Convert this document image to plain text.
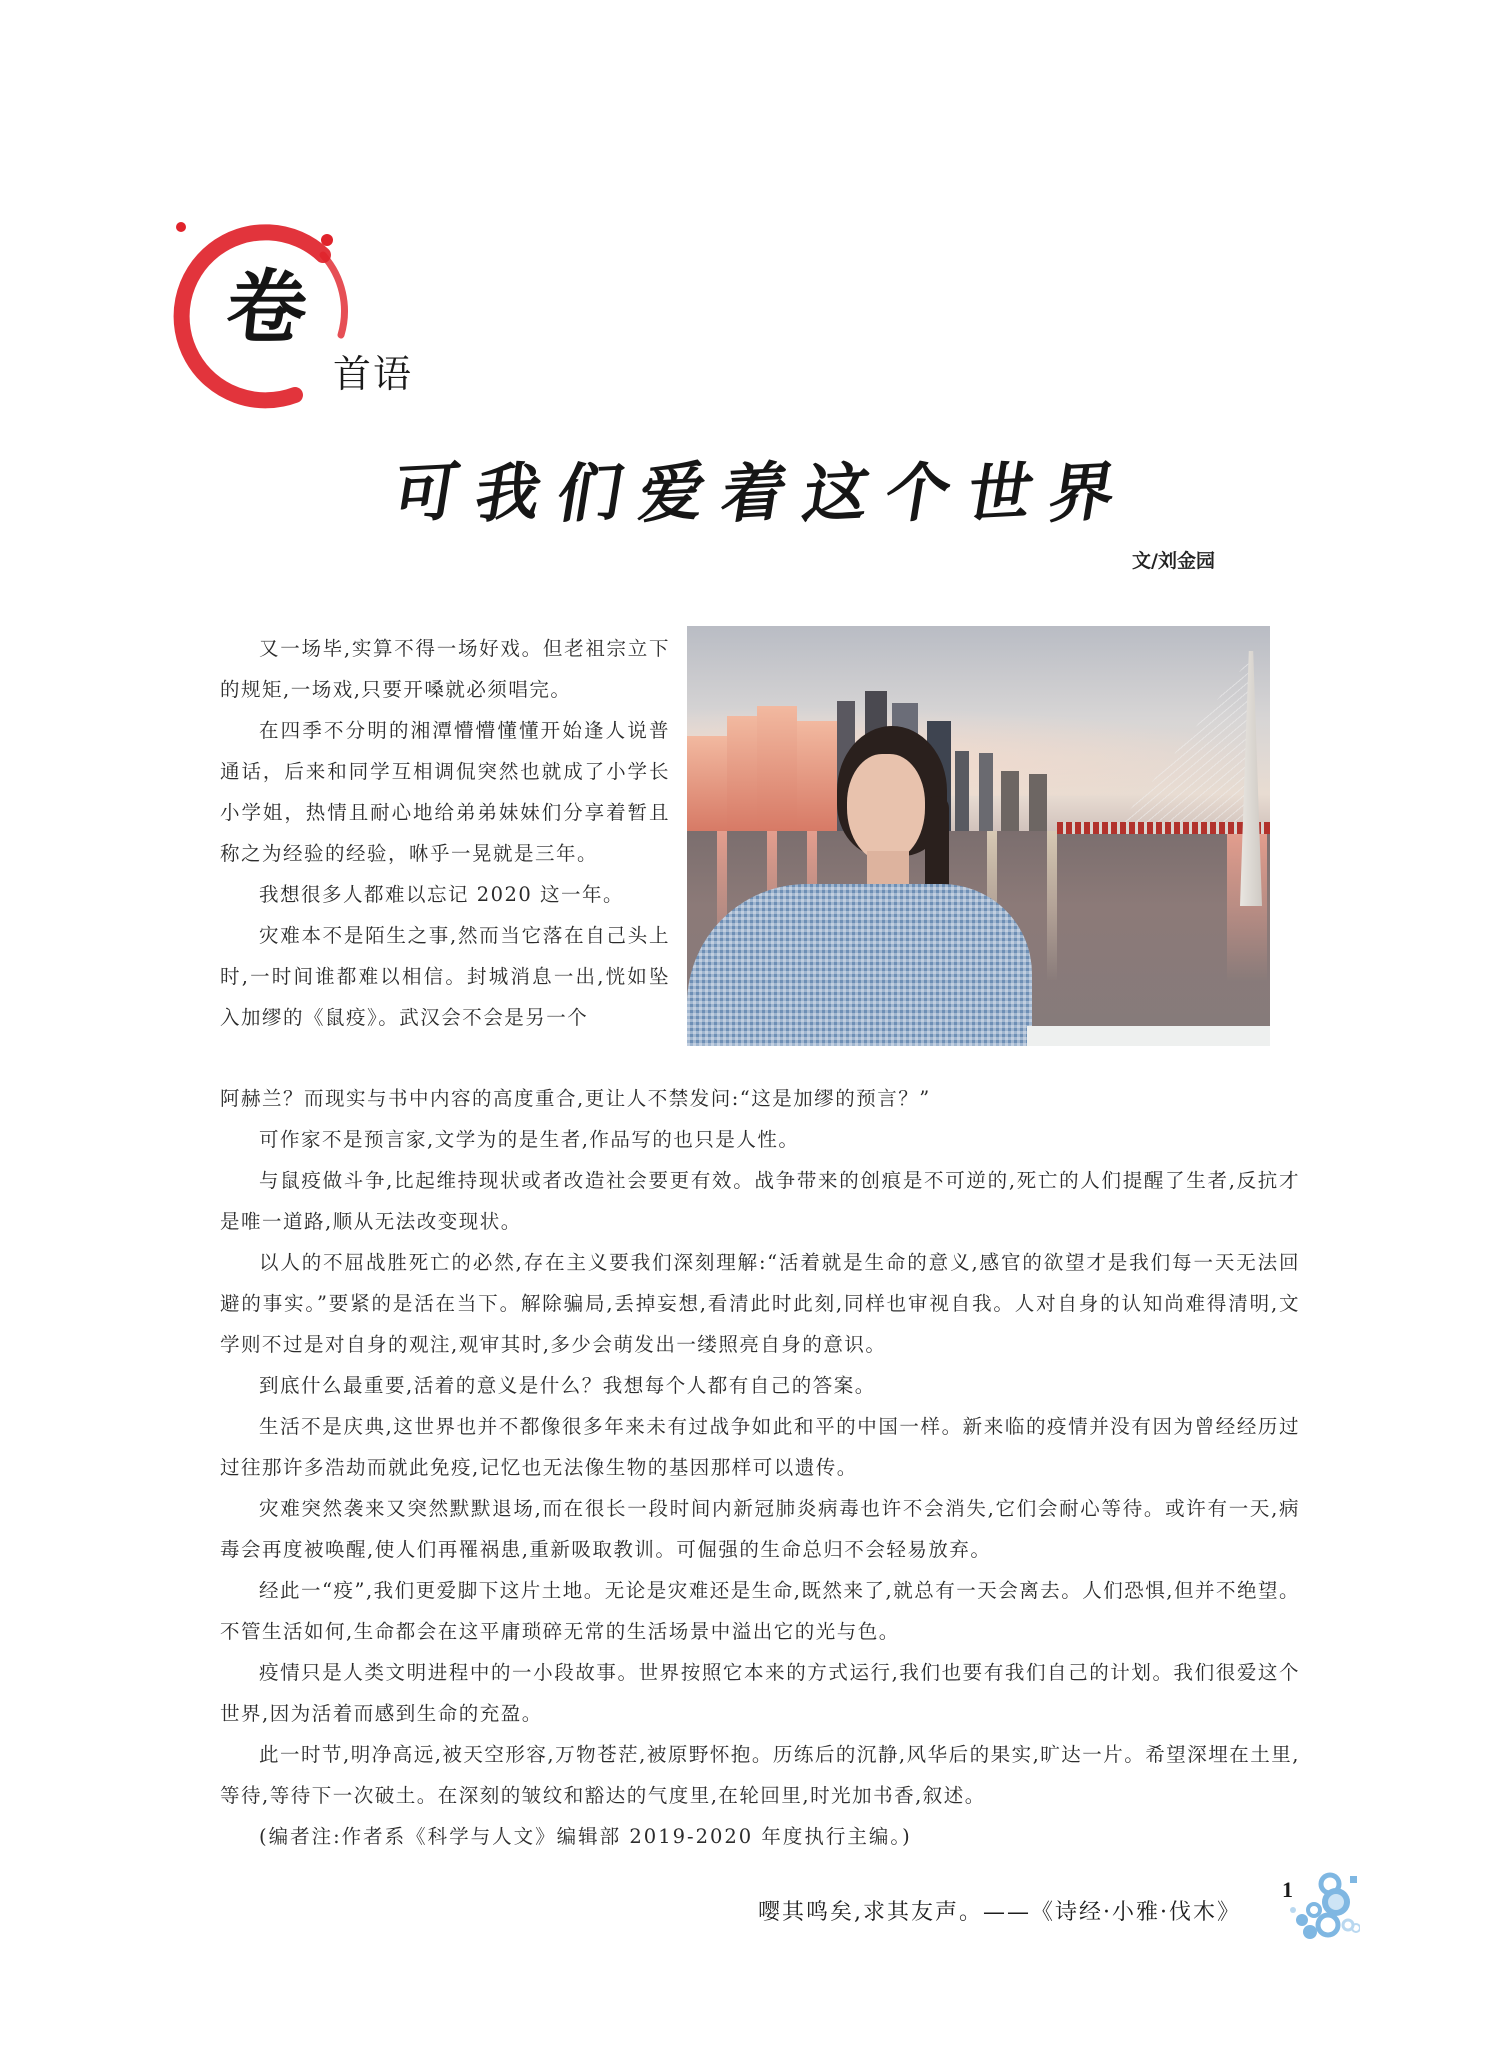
卷
首语
可 我 们 爱 着 这 个 世 界
文/刘金园

又一场毕,实算不得一场好戏。但老祖宗立下的规矩,一场戏,只要开嗓就必须唱完。

在四季不分明的湘潭懵懵懂懂开始逢人说普通话，后来和同学互相调侃突然也就成了小学长小学姐，热情且耐心地给弟弟妹妹们分享着暂且称之为经验的经验，咻乎一晃就是三年。

我想很多人都难以忘记 2020 这一年。

灾难本不是陌生之事,然而当它落在自己头上时,一时间谁都难以相信。封城消息一出,恍如坠入加缪的《鼠疫》。武汉会不会是另一个

阿赫兰？而现实与书中内容的高度重合,更让人不禁发问:“这是加缪的预言？”

可作家不是预言家,文学为的是生者,作品写的也只是人性。

与鼠疫做斗争,比起维持现状或者改造社会要更有效。战争带来的创痕是不可逆的,死亡的人们提醒了生者,反抗才是唯一道路,顺从无法改变现状。

以人的不屈战胜死亡的必然,存在主义要我们深刻理解:“活着就是生命的意义,感官的欲望才是我们每一天无法回避的事实。”要紧的是活在当下。解除骗局,丢掉妄想,看清此时此刻,同样也审视自我。人对自身的认知尚难得清明,文学则不过是对自身的观注,观审其时,多少会萌发出一缕照亮自身的意识。

到底什么最重要,活着的意义是什么？我想每个人都有自己的答案。

生活不是庆典,这世界也并不都像很多年来未有过战争如此和平的中国一样。新来临的疫情并没有因为曾经经历过过往那许多浩劫而就此免疫,记忆也无法像生物的基因那样可以遗传。

灾难突然袭来又突然默默退场,而在很长一段时间内新冠肺炎病毒也许不会消失,它们会耐心等待。或许有一天,病毒会再度被唤醒,使人们再罹祸患,重新吸取教训。可倔强的生命总归不会轻易放弃。

经此一“疫”,我们更爱脚下这片土地。无论是灾难还是生命,既然来了,就总有一天会离去。人们恐惧,但并不绝望。不管生活如何,生命都会在这平庸琐碎无常的生活场景中溢出它的光与色。

疫情只是人类文明进程中的一小段故事。世界按照它本来的方式运行,我们也要有我们自己的计划。我们很爱这个世界,因为活着而感到生命的充盈。

此一时节,明净高远,被天空形容,万物苍茫,被原野怀抱。历练后的沉静,风华后的果实,旷达一片。希望深埋在土里,等待,等待下一次破土。在深刻的皱纹和豁达的气度里,在轮回里,时光加书香,叙述。

(编者注:作者系《科学与人文》编辑部 2019-2020 年度执行主编。)

嘤其鸣矣,求其友声。——《诗经·小雅·伐木》
1
